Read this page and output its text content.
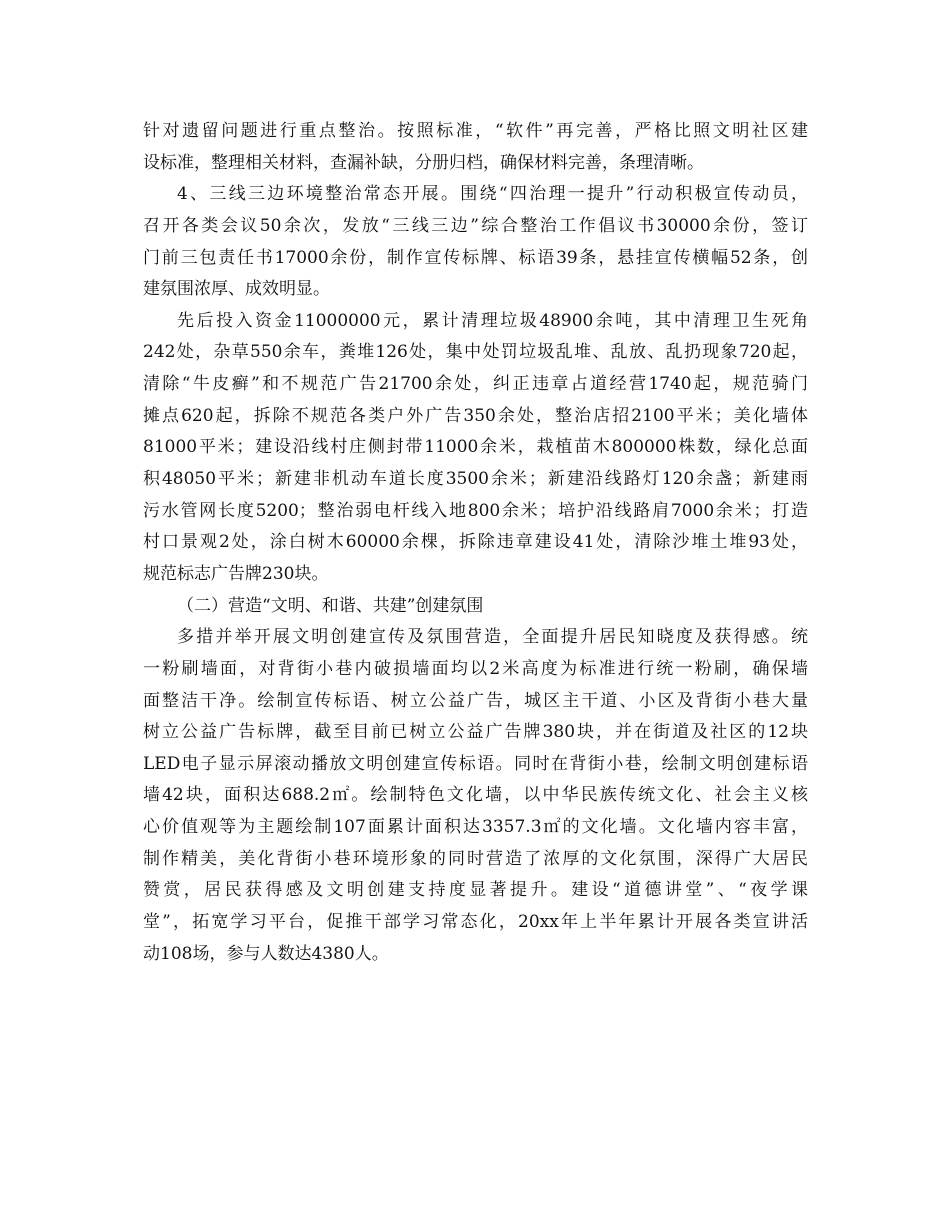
针对遗留问题进行重点整治。按照标准，“软件”再完善，严格比照文明社区建
设标准，整理相关材料，查漏补缺，分册归档，确保材料完善，条理清晰。
4、三线三边环境整治常态开展。围绕“四治理一提升”行动积极宣传动员，
召开各类会议50余次，发放“三线三边”综合整治工作倡议书30000余份，签订
门前三包责任书17000余份，制作宣传标牌、标语39条，悬挂宣传横幅52条，创
建氛围浓厚、成效明显。
先后投入资金11000000元，累计清理垃圾48900余吨，其中清理卫生死角
242处，杂草550余车，粪堆126处，集中处罚垃圾乱堆、乱放、乱扔现象720起，
清除“牛皮癣”和不规范广告21700余处，纠正违章占道经营1740起，规范骑门
摊点620起，拆除不规范各类户外广告350余处，整治店招2100平米；美化墙体
81000平米；建设沿线村庄侧封带11000余米，栽植苗木800000株数，绿化总面
积48050平米；新建非机动车道长度3500余米；新建沿线路灯120余盏；新建雨
污水管网长度5200；整治弱电杆线入地800余米；培护沿线路肩7000余米；打造
村口景观2处，涂白树木60000余棵，拆除违章建设41处，清除沙堆土堆93处，
规范标志广告牌230块。
（二）营造“文明、和谐、共建”创建氛围
多措并举开展文明创建宣传及氛围营造，全面提升居民知晓度及获得感。统
一粉刷墙面，对背街小巷内破损墙面均以2米高度为标准进行统一粉刷，确保墙
面整洁干净。绘制宣传标语、树立公益广告，城区主干道、小区及背街小巷大量
树立公益广告标牌，截至目前已树立公益广告牌380块，并在街道及社区的12块
LED电子显示屏滚动播放文明创建宣传标语。同时在背街小巷，绘制文明创建标语
墙42块，面积达688.2㎡。绘制特色文化墙，以中华民族传统文化、社会主义核
心价值观等为主题绘制107面累计面积达3357.3㎡的文化墙。文化墙内容丰富，
制作精美，美化背街小巷环境形象的同时营造了浓厚的文化氛围，深得广大居民
赞赏，居民获得感及文明创建支持度显著提升。建设“道德讲堂”、“夜学课
堂”，拓宽学习平台，促推干部学习常态化，20xx年上半年累计开展各类宣讲活
动108场，参与人数达4380人。
